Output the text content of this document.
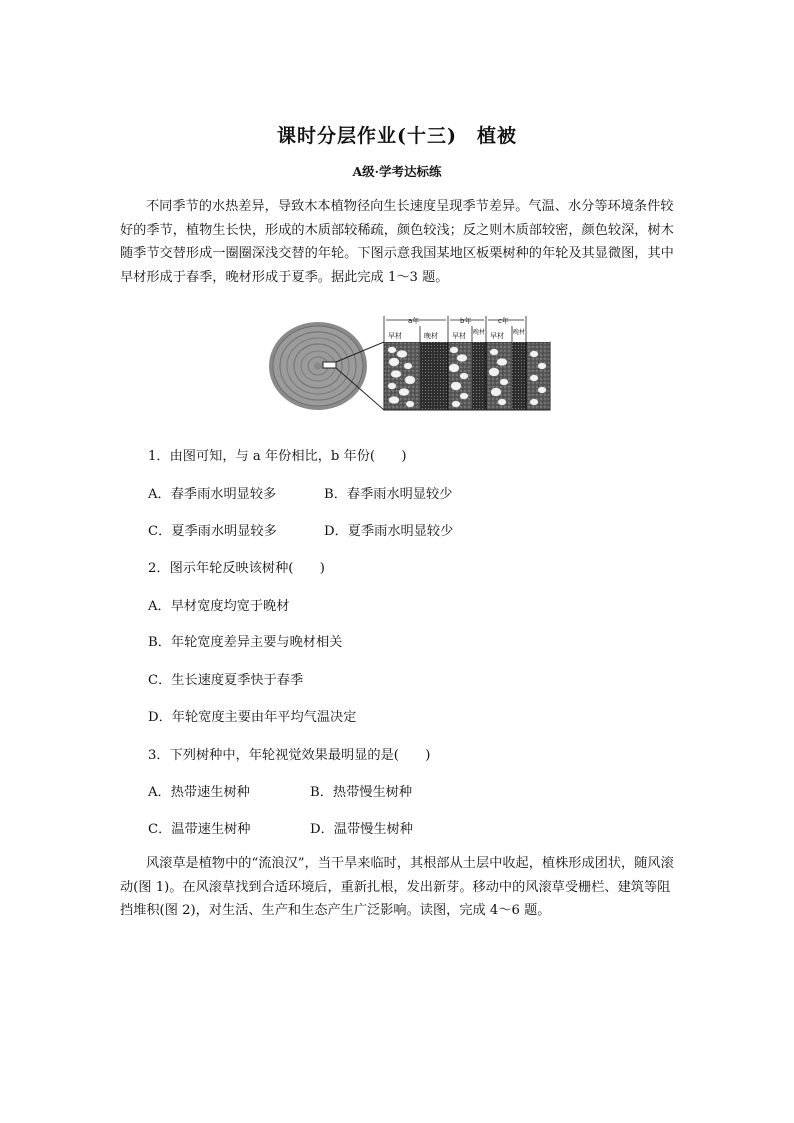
课时分层作业(十三)　植被
A级·学考达标练

不同季节的水热差异，导致木本植物径向生长速度呈现季节差异。气温、水分等环境条件较好的季节，植物生长快，形成的木质部较稀疏，颜色较浅；反之则木质部较密，颜色较深，树木随季节交替形成一圈圈深浅交替的年轮。下图示意我国某地区板栗树种的年轮及其显微图，其中早材形成于春季，晚材形成于夏季。据此完成 1～3 题。

a年	b年	c年
早材	晚材 早材 晚材 早材 晚材

1．由图可知，与 a 年份相比，b 年份(　　)

A．春季雨水明显较多	B．春季雨水明显较少
C．夏季雨水明显较多	D．夏季雨水明显较少

2．图示年轮反映该树种(　　)

A．早材宽度均宽于晚材
B．年轮宽度差异主要与晚材相关
C．生长速度夏季快于春季
D．年轮宽度主要由年平均气温决定

3．下列树种中，年轮视觉效果最明显的是(　　)

A．热带速生树种	B．热带慢生树种
C．温带速生树种	D．温带慢生树种

风滚草是植物中的“流浪汉”，当干旱来临时，其根部从土层中收起，植株形成团状，随风滚动(图 1)。在风滚草找到合适环境后，重新扎根，发出新芽。移动中的风滚草受栅栏、建筑等阻挡堆积(图 2)，对生活、生产和生态产生广泛影响。读图，完成 4～6 题。
